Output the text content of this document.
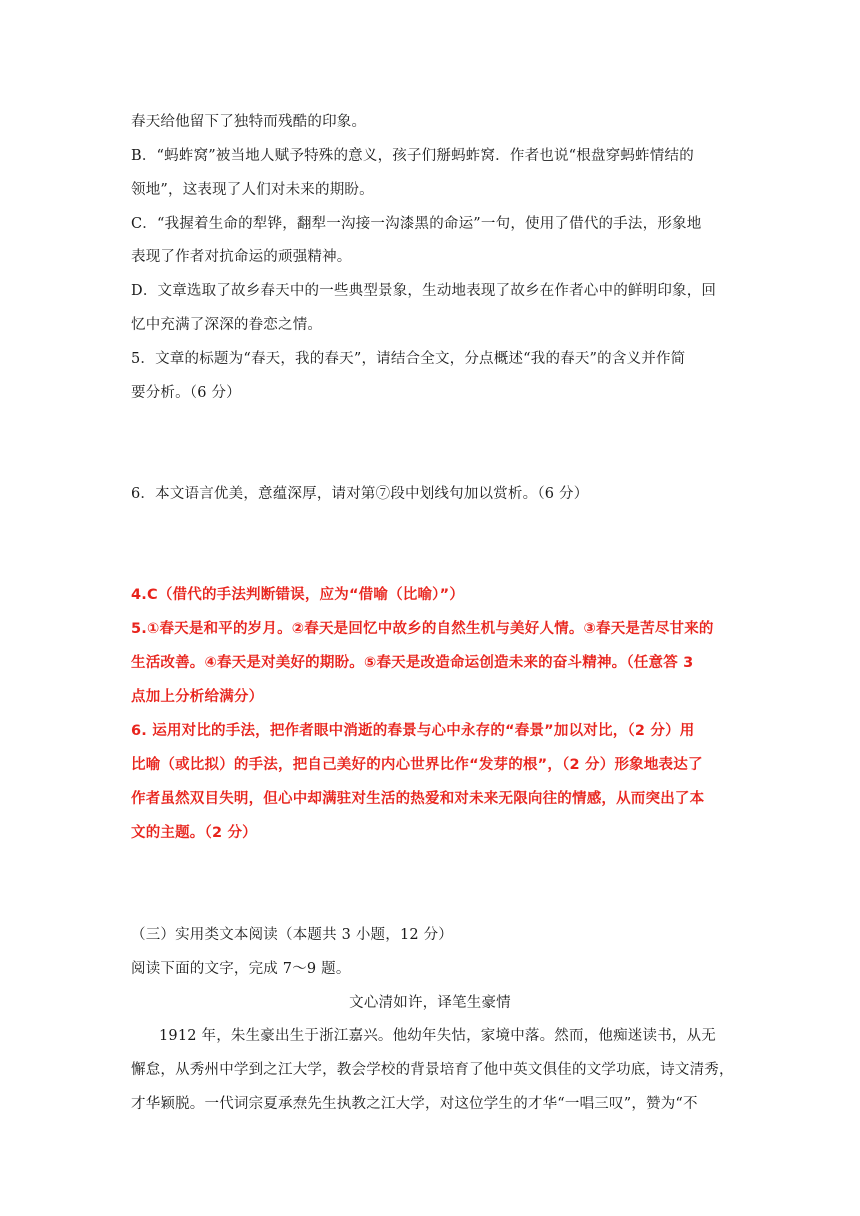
春天给他留下了独特而残酷的印象。
B．“蚂蚱窝”被当地人赋予特殊的意义，孩子们掰蚂蚱窝．作者也说“根盘穿蚂蚱情结的
领地”，这表现了人们对未来的期盼。
C．“我握着生命的犁铧，翻犁一沟接一沟漆黑的命运”一句，使用了借代的手法，形象地
表现了作者对抗命运的顽强精神。
D．文章选取了故乡春天中的一些典型景象，生动地表现了故乡在作者心中的鲜明印象，回
忆中充满了深深的眷恋之情。
5．文章的标题为“春天，我的春天”，请结合全文，分点概述“我的春天”的含义并作简
要分析。（6 分）
6．本文语言优美，意蕴深厚，请对第⑦段中划线句加以赏析。（6 分）
4.C（借代的手法判断错误，应为“借喻（比喻）”）
5.①春天是和平的岁月。②春天是回忆中故乡的自然生机与美好人情。③春天是苦尽甘来的
生活改善。④春天是对美好的期盼。⑤春天是改造命运创造未来的奋斗精神。（任意答 3
点加上分析给满分）
6. 运用对比的手法，把作者眼中消逝的春景与心中永存的“春景”加以对比，（2 分）用
比喻（或比拟）的手法，把自己美好的内心世界比作“发芽的根”，（2 分）形象地表达了
作者虽然双目失明，但心中却满驻对生活的热爱和对未来无限向往的情感，从而突出了本
文的主题。（2 分）
（三）实用类文本阅读（本题共 3 小题，12 分）
阅读下面的文字，完成 7～9 题。
文心清如许，译笔生豪情
1912 年，朱生豪出生于浙江嘉兴。他幼年失怙，家境中落。然而，他痴迷读书，从无
懈怠，从秀州中学到之江大学，教会学校的背景培育了他中英文俱佳的文学功底，诗文清秀，
才华颖脱。一代词宗夏承焘先生执教之江大学，对这位学生的才华“一唱三叹”，赞为“不
